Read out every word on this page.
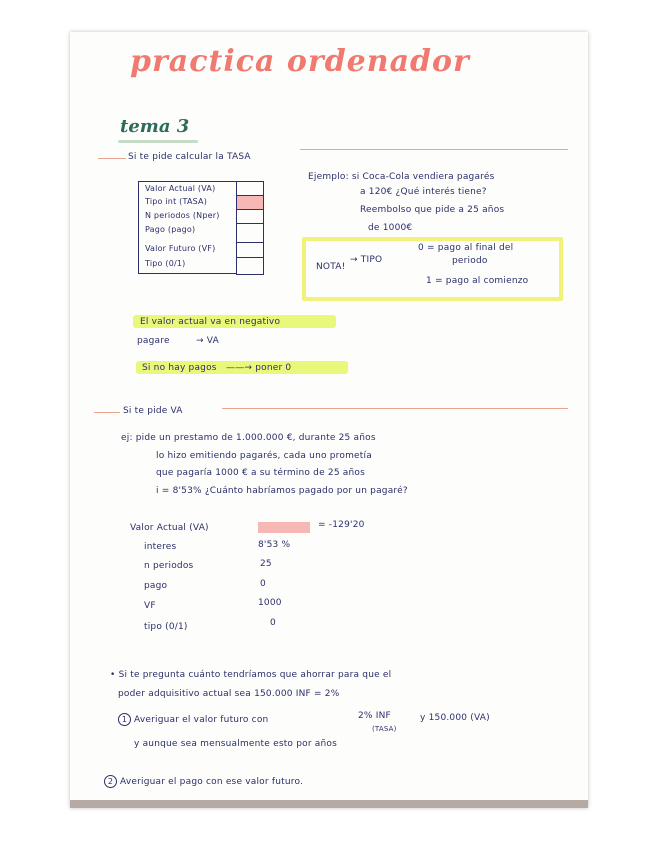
practica ordenador
tema 3
Si te pide calcular la TASA
Valor Actual (VA)
Tipo int (TASA)
N periodos (Nper)
Pago (pago)
Valor Futuro (VF)
Tipo (0/1)
Ejemplo: si Coca-Cola vendiera pagarés
a 120€ ¿Qué interés tiene?
Reembolso que pide a 25 años
de 1000€
NOTA!
→ TIPO
0 = pago al final del
periodo
1 = pago al comienzo
El valor actual va en negativo
pagare	→ VA
Si no hay pagos ——→ poner 0
Si te pide VA
ej: pide un prestamo de 1.000.000 €, durante 25 años
lo hizo emitiendo pagarés, cada uno prometía
que pagaría 1000 € a su término de 25 años
i = 8'53% ¿Cuánto habríamos pagado por un pagaré?
Valor Actual (VA)	= -129'20
interes	8'53 %
n periodos	25
pago	0
VF	1000
tipo (0/1)	0
• Si te pregunta cuánto tendríamos que ahorrar para que el
poder adquisitivo actual sea 150.000 INF = 2%
1 Averiguar el valor futuro con	2% INF
(TASA)
y 150.000 (VA)
y aunque sea mensualmente esto por años
2 Averiguar el pago con ese valor futuro.
